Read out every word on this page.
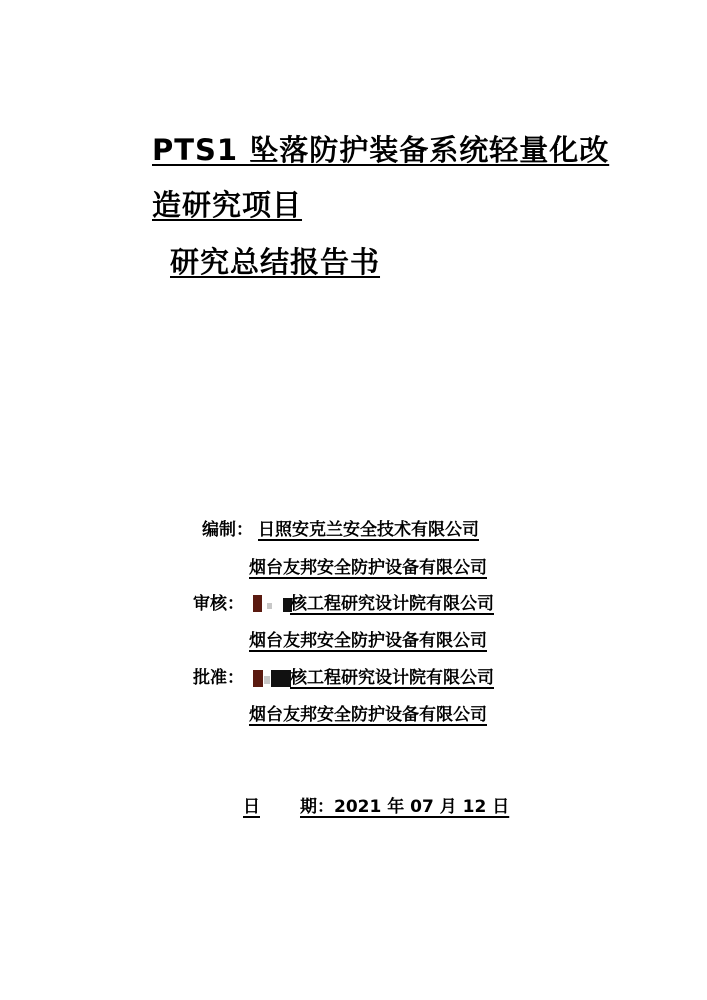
PTS1 坠落防护装备系统轻量化改
造研究项目
研究总结报告书
编制： 日照安克兰安全技术有限公司
烟台友邦安全防护设备有限公司
审核：	核工程研究设计院有限公司
烟台友邦安全防护设备有限公司
批准：	核工程研究设计院有限公司
烟台友邦安全防护设备有限公司
日 期：2021 年 07 月 12 日
